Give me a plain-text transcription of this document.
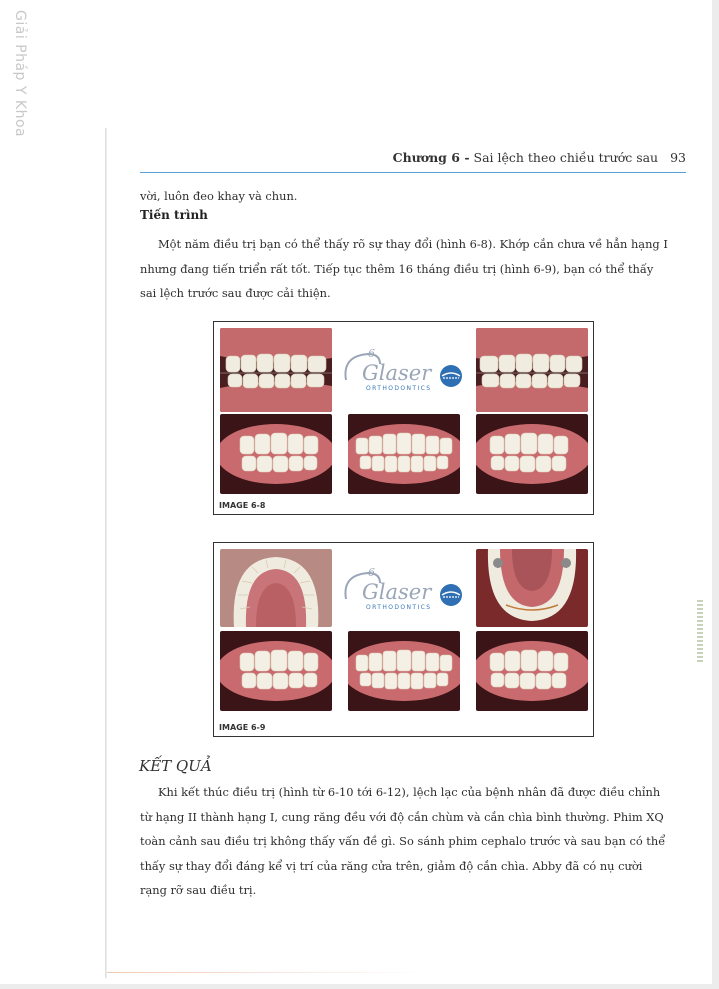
Giải Pháp Y Khoa
Chương 6 - Sai lệch theo chiều trước sau 93
vời, luôn đeo khay và chun.
Tiến trình
Một năm điều trị bạn có thể thấy rõ sự thay đổi (hình 6-8). Khớp cắn chưa về hẳn hạng I nhưng đang tiến triển rất tốt. Tiếp tục thêm 16 tháng điều trị (hình 6-9), bạn có thể thấy sai lệch trước sau được cải thiện.
6
Glaser
ORTHODONTICS
IMAGE 6-8
6
Glaser
ORTHODONTICS
IMAGE 6-9
KẾT QUẢ
Khi kết thúc điều trị (hình từ 6-10 tới 6-12), lệch lạc của bệnh nhân đã được điều chỉnh từ hạng II thành hạng I, cung răng đều với độ cắn chùm và cắn chìa bình thường. Phim XQ toàn cảnh sau điều trị không thấy vấn đề gì. So sánh phim cephalo trước và sau bạn có thể thấy sự thay đổi đáng kể vị trí của răng cửa trên, giảm độ cắn chìa. Abby đã có nụ cười rạng rỡ sau điều trị.
